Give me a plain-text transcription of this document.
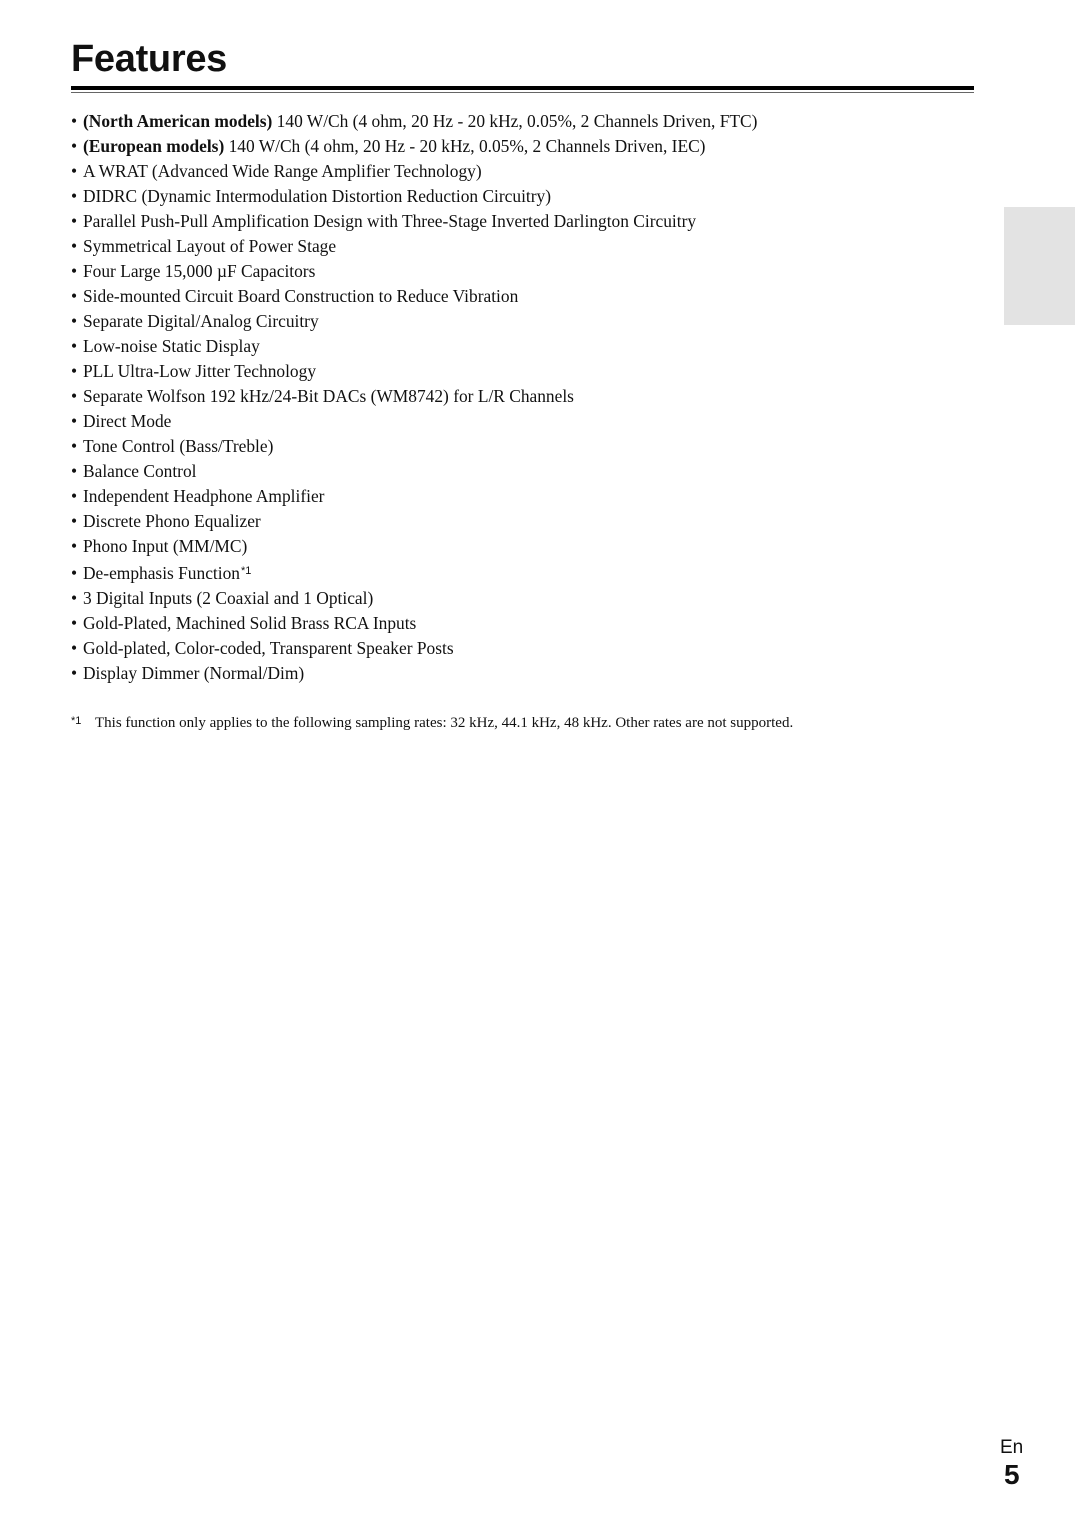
Features
• (North American models) 140 W/Ch (4 ohm, 20 Hz - 20 kHz, 0.05%, 2 Channels Driven, FTC)
• (European models) 140 W/Ch (4 ohm, 20 Hz - 20 kHz, 0.05%, 2 Channels Driven, IEC)
• A WRAT (Advanced Wide Range Amplifier Technology)
• DIDRC (Dynamic Intermodulation Distortion Reduction Circuitry)
• Parallel Push-Pull Amplification Design with Three-Stage Inverted Darlington Circuitry
• Symmetrical Layout of Power Stage
• Four Large 15,000 µF Capacitors
• Side-mounted Circuit Board Construction to Reduce Vibration
• Separate Digital/Analog Circuitry
• Low-noise Static Display
• PLL Ultra-Low Jitter Technology
• Separate Wolfson 192 kHz/24-Bit DACs (WM8742) for L/R Channels
• Direct Mode
• Tone Control (Bass/Treble)
• Balance Control
• Independent Headphone Amplifier
• Discrete Phono Equalizer
• Phono Input (MM/MC)
• De-emphasis Function$^{*1}$
• 3 Digital Inputs (2 Coaxial and 1 Optical)
• Gold-Plated, Machined Solid Brass RCA Inputs
• Gold-plated, Color-coded, Transparent Speaker Posts
• Display Dimmer (Normal/Dim)
*1 This function only applies to the following sampling rates: 32 kHz, 44.1 kHz, 48 kHz. Other rates are not supported.
En
5
